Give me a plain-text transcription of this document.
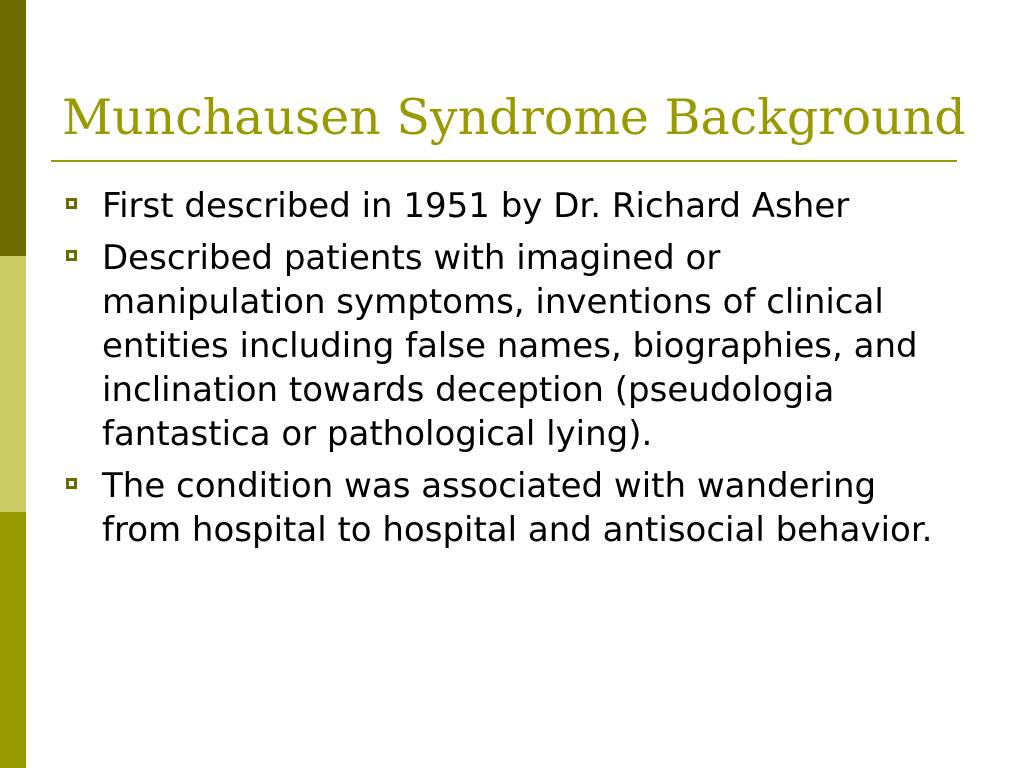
Munchausen Syndrome Background
First described in 1951 by Dr. Richard Asher
Described patients with imagined or manipulation symptoms, inventions of clinical entities including false names, biographies, and inclination towards deception (pseudologia fantastica or pathological lying).
The condition was associated with wandering from hospital to hospital and antisocial behavior.
